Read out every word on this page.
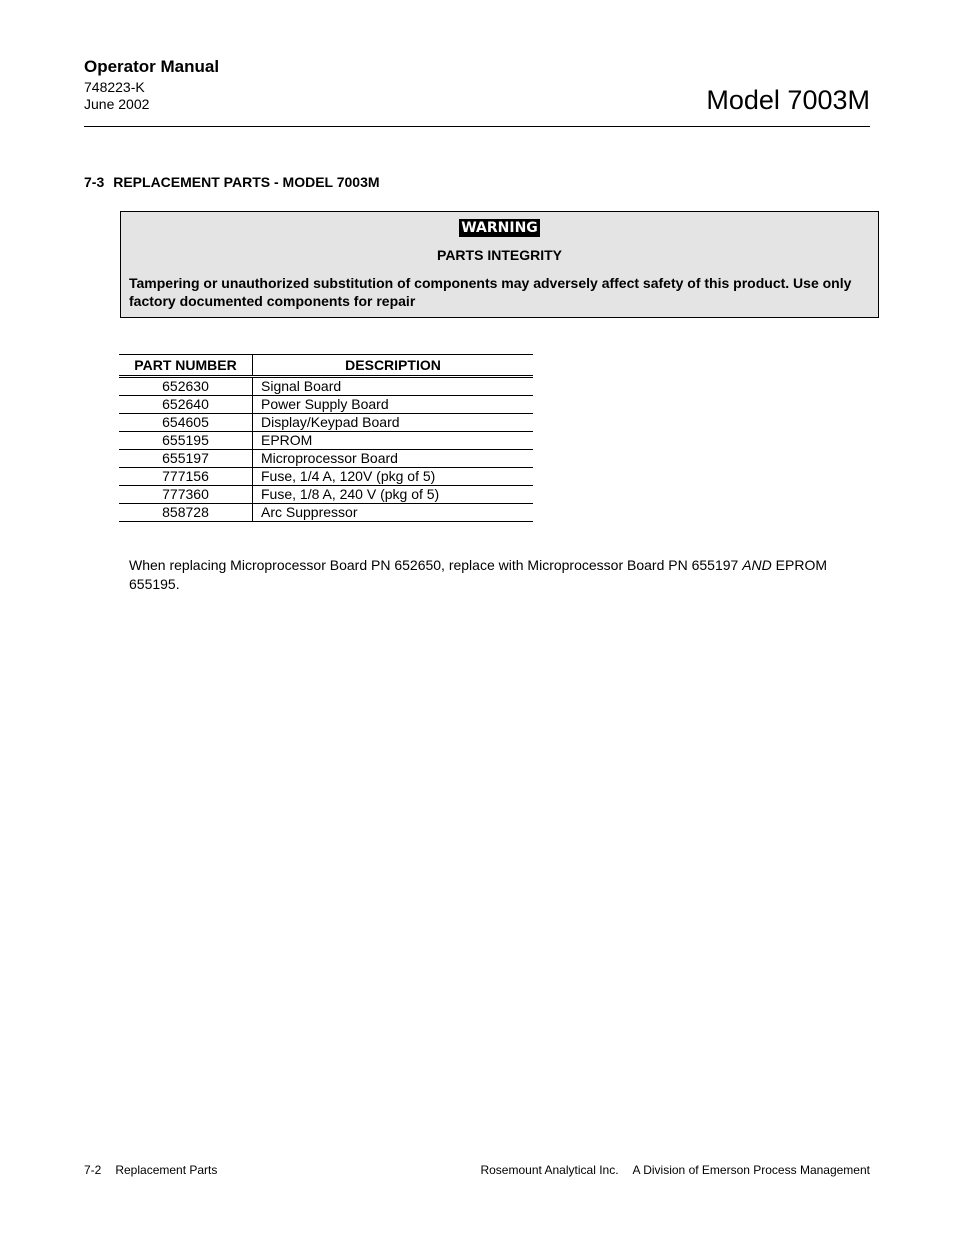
Operator Manual
748223-K
June 2002	Model 7003M
7-3 REPLACEMENT PARTS - MODEL 7003M
WARNING
PARTS INTEGRITY
Tampering or unauthorized substitution of components may adversely affect safety of this product. Use only factory documented components for repair
PART NUMBER	DESCRIPTION
652630	Signal Board
652640	Power Supply Board
654605	Display/Keypad Board
655195	EPROM
655197	Microprocessor Board
777156	Fuse, 1/4 A, 120V (pkg of 5)
777360	Fuse, 1/8 A, 240 V (pkg of 5)
858728	Arc Suppressor

When replacing Microprocessor Board PN 652650, replace with Microprocessor Board PN 655197 AND EPROM 655195.

7-2 Replacement Parts	Rosemount Analytical Inc. A Division of Emerson Process Management
